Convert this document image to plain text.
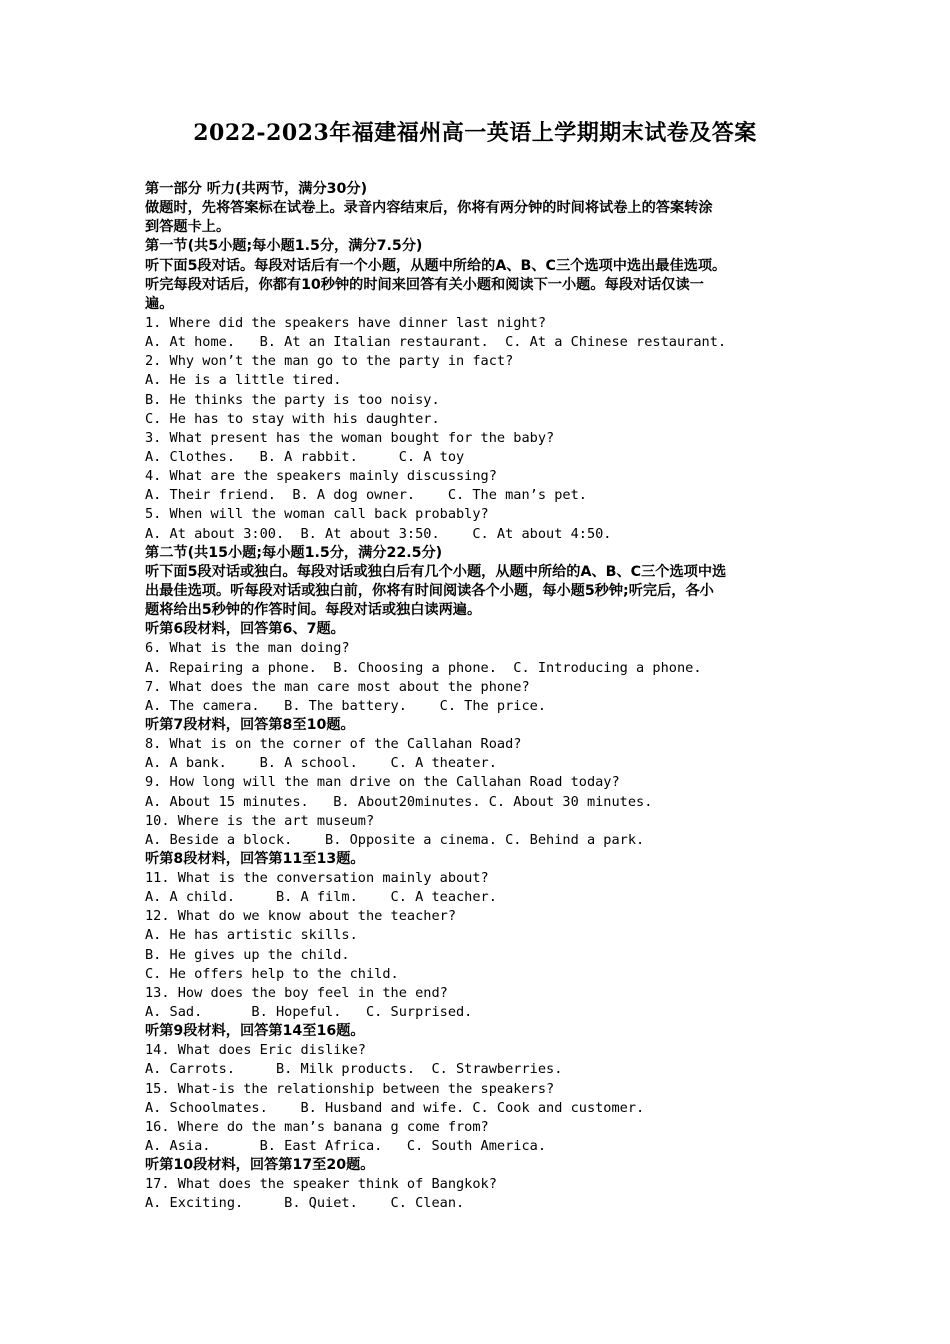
2022-2023年福建福州高一英语上学期期末试卷及答案
第一部分 听力(共两节，满分30分)
做题时，先将答案标在试卷上。录音内容结束后，你将有两分钟的时间将试卷上的答案转涂
到答题卡上。
第一节(共5小题;每小题1.5分，满分7.5分)
听下面5段对话。每段对话后有一个小题，从题中所给的A、B、C三个选项中选出最佳选项。
听完每段对话后，你都有10秒钟的时间来回答有关小题和阅读下一小题。每段对话仅读一
遍。
1. Where did the speakers have dinner last night?
A. At home.   B. At an Italian restaurant.  C. At a Chinese restaurant.
2. Why won’t the man go to the party in fact?
A. He is a little tired.
B. He thinks the party is too noisy.
C. He has to stay with his daughter.
3. What present has the woman bought for the baby?
A. Clothes.   B. A rabbit.     C. A toy
4. What are the speakers mainly discussing?
A. Their friend.  B. A dog owner.    C. The man’s pet.
5. When will the woman call back probably?
A. At about 3:00.  B. At about 3:50.    C. At about 4:50.
第二节(共15小题;每小题1.5分，满分22.5分)
听下面5段对话或独白。每段对话或独白后有几个小题，从题中所给的A、B、C三个选项中选
出最佳选项。听每段对话或独白前，你将有时间阅读各个小题，每小题5秒钟;听完后，各小
题将给出5秒钟的作答时间。每段对话或独白读两遍。
听第6段材料，回答第6、7题。
6. What is the man doing?
A. Repairing a phone.  B. Choosing a phone.  C. Introducing a phone.
7. What does the man care most about the phone?
A. The camera.   B. The battery.    C. The price.
听第7段材料，回答第8至10题。
8. What is on the corner of the Callahan Road?
A. A bank.    B. A school.    C. A theater.
9. How long will the man drive on the Callahan Road today?
A. About 15 minutes.   B. About20minutes. C. About 30 minutes.
10. Where is the art museum?
A. Beside a block.    B. Opposite a cinema. C. Behind a park.
听第8段材料，回答第11至13题。
11. What is the conversation mainly about?
A. A child.     B. A film.    C. A teacher.
12. What do we know about the teacher?
A. He has artistic skills.
B. He gives up the child.
C. He offers help to the child.
13. How does the boy feel in the end?
A. Sad.      B. Hopeful.   C. Surprised.
听第9段材料，回答第14至16题。
14. What does Eric dislike?
A. Carrots.     B. Milk products.  C. Strawberries.
15. What-is the relationship between the speakers?
A. Schoolmates.    B. Husband and wife. C. Cook and customer.
16. Where do the man’s banana g come from?
A. Asia.      B. East Africa.   C. South America.
听第10段材料，回答第17至20题。
17. What does the speaker think of Bangkok?
A. Exciting.     B. Quiet.    C. Clean.
